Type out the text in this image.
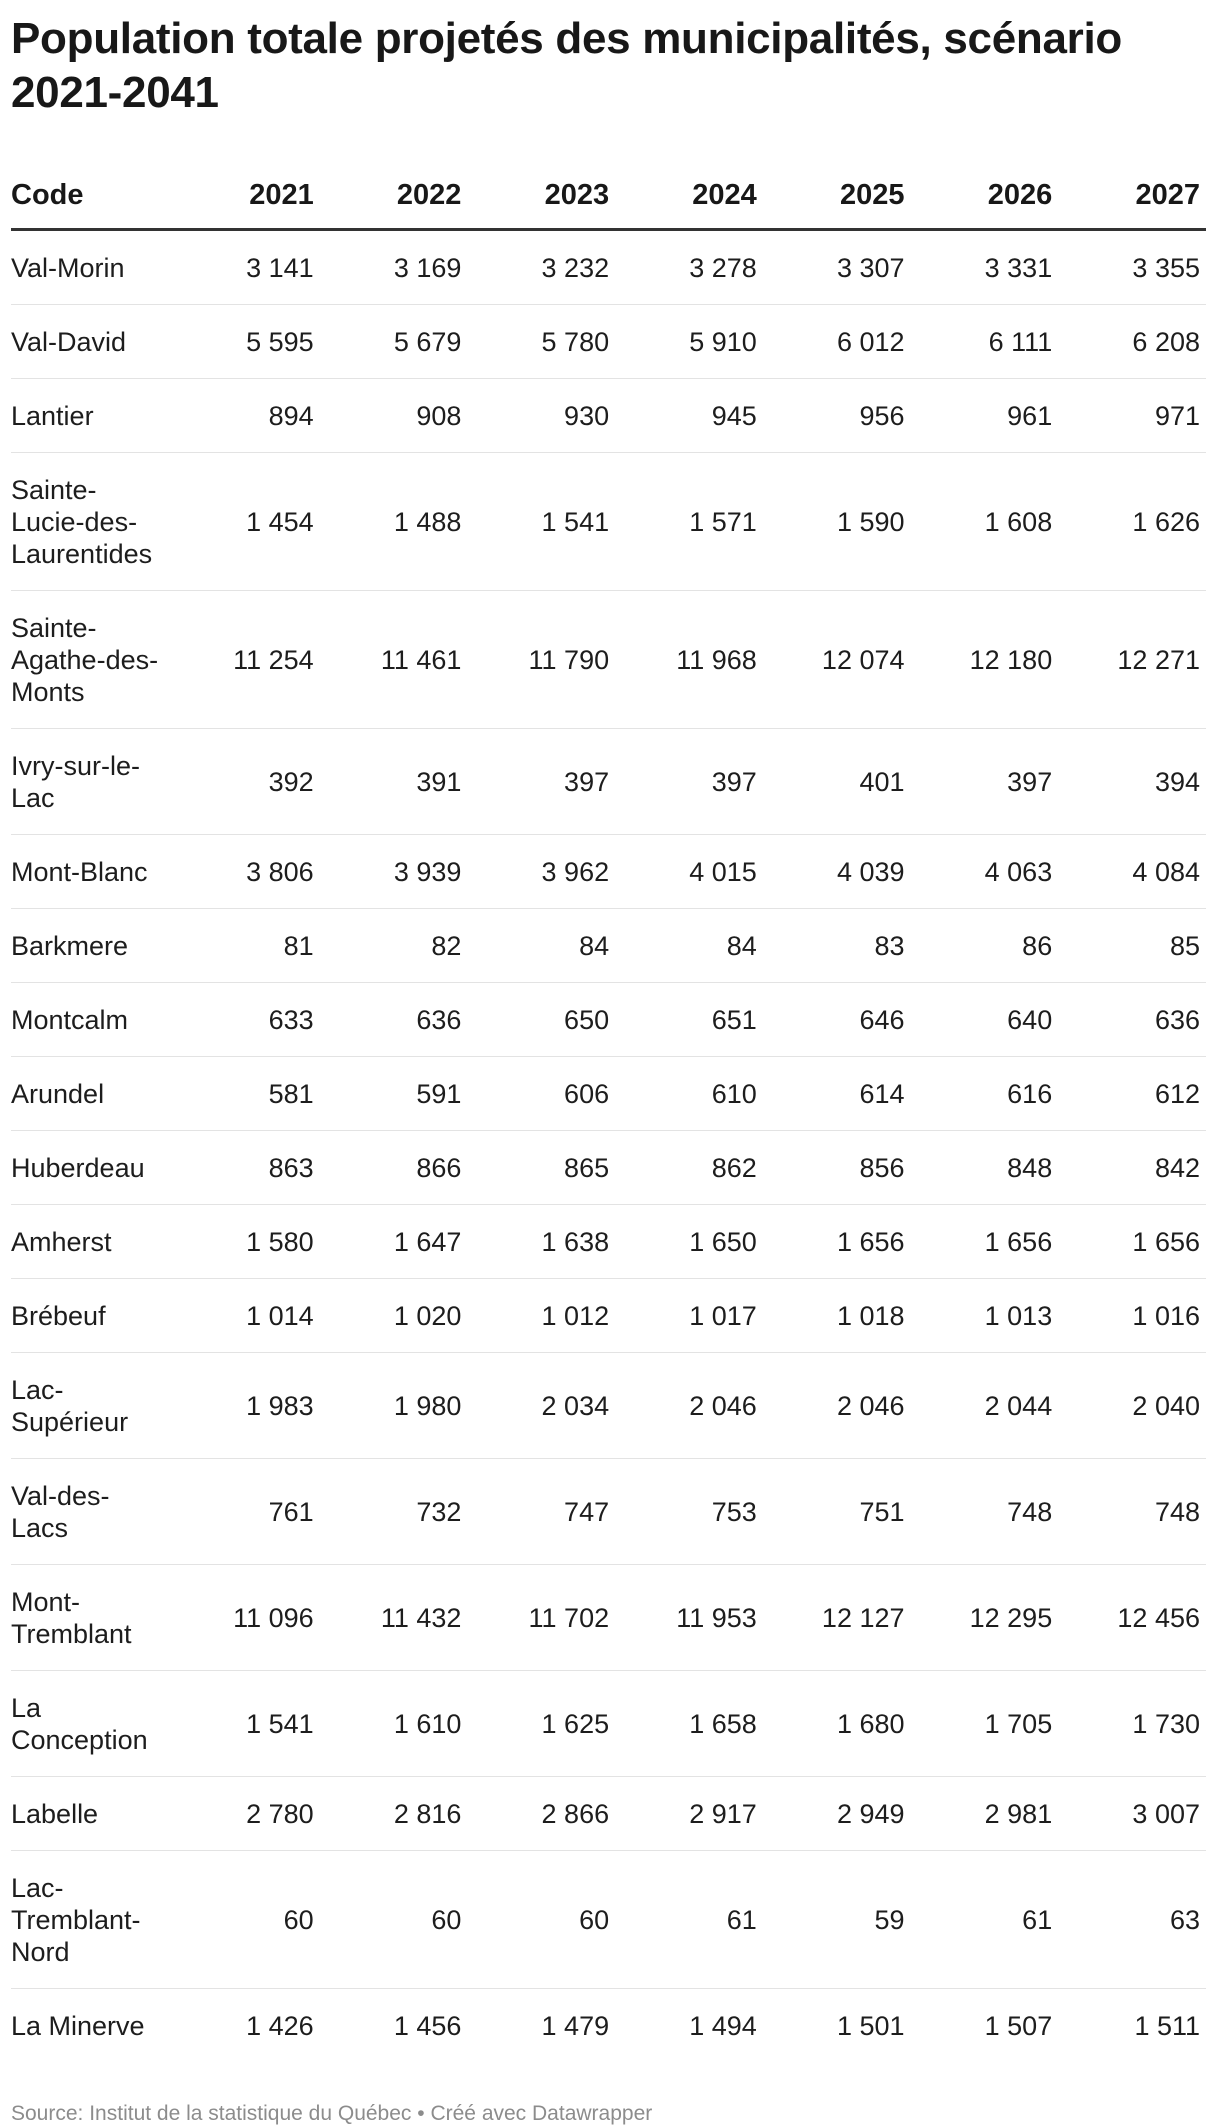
Population totale projetés des municipalités, scénario 2021-2041
Code	2021	2022	2023	2024	2025	2026	2027
Val-Morin	3 141	3 169	3 232	3 278	3 307	3 331	3 355
Val-David	5 595	5 679	5 780	5 910	6 012	6 111	6 208
Lantier	894	908	930	945	956	961	971
Sainte-Lucie-des-Laurentides	1 454	1 488	1 541	1 571	1 590	1 608	1 626
Sainte-Agathe-des-Monts	11 254	11 461	11 790	11 968	12 074	12 180	12 271
Ivry-sur-le-Lac	392	391	397	397	401	397	394
Mont-Blanc	3 806	3 939	3 962	4 015	4 039	4 063	4 084
Barkmere	81	82	84	84	83	86	85
Montcalm	633	636	650	651	646	640	636
Arundel	581	591	606	610	614	616	612
Huberdeau	863	866	865	862	856	848	842
Amherst	1 580	1 647	1 638	1 650	1 656	1 656	1 656
Brébeuf	1 014	1 020	1 012	1 017	1 018	1 013	1 016
Lac-Supérieur	1 983	1 980	2 034	2 046	2 046	2 044	2 040
Val-des-Lacs	761	732	747	753	751	748	748
Mont-Tremblant	11 096	11 432	11 702	11 953	12 127	12 295	12 456
La Conception	1 541	1 610	1 625	1 658	1 680	1 705	1 730
Labelle	2 780	2 816	2 866	2 917	2 949	2 981	3 007
Lac-Tremblant-Nord	60	60	60	61	59	61	63
La Minerve	1 426	1 456	1 479	1 494	1 501	1 507	1 511
Source: Institut de la statistique du Québec • Créé avec Datawrapper
